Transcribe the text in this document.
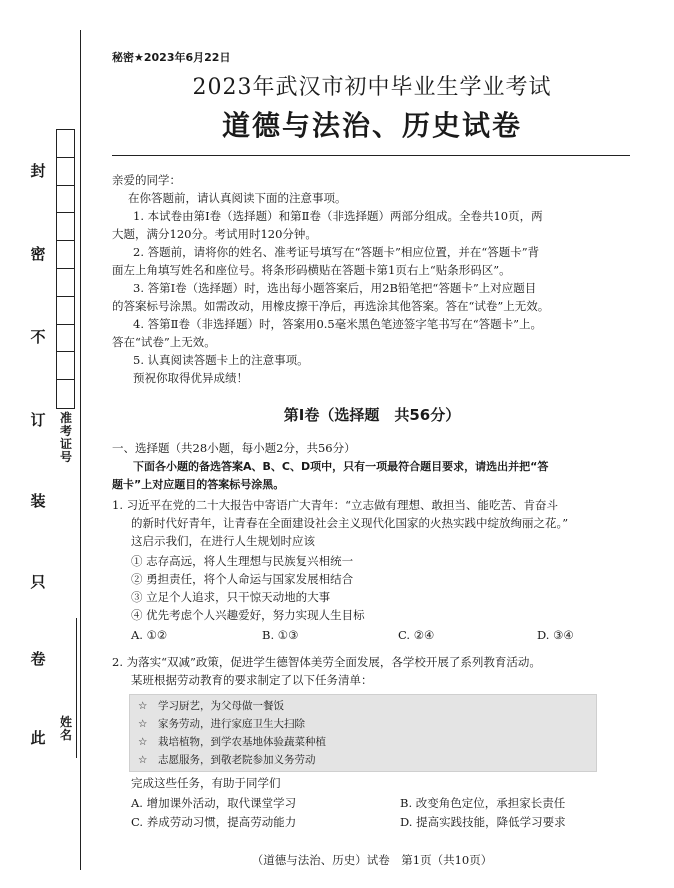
封
密
不
订
装
只
卷
此
准
考
证
号
姓
名
秘密★2023年6月22日
2023年武汉市初中毕业生学业考试
道德与法治、历史试卷
亲爱的同学：
在你答题前，请认真阅读下面的注意事项。
1. 本试卷由第Ⅰ卷（选择题）和第Ⅱ卷（非选择题）两部分组成。全卷共10页，两
大题，满分120分。考试用时120分钟。
2. 答题前，请将你的姓名、准考证号填写在“答题卡”相应位置，并在“答题卡”背
面左上角填写姓名和座位号。将条形码横贴在答题卡第1页右上“贴条形码区”。
3. 答第Ⅰ卷（选择题）时，选出每小题答案后，用2B铅笔把“答题卡”上对应题目
的答案标号涂黑。如需改动，用橡皮擦干净后，再选涂其他答案。答在“试卷”上无效。
4. 答第Ⅱ卷（非选择题）时，答案用0.5毫米黑色笔迹签字笔书写在“答题卡”上。
答在“试卷”上无效。
5. 认真阅读答题卡上的注意事项。
预祝你取得优异成绩！
第Ⅰ卷（选择题　共56分）
一、选择题（共28小题，每小题2分，共56分）
下面各小题的备选答案A、B、C、D项中，只有一项最符合题目要求，请选出并把“答
题卡”上对应题目的答案标号涂黑。
1. 习近平在党的二十大报告中寄语广大青年：“立志做有理想、敢担当、能吃苦、肯奋斗
的新时代好青年，让青春在全面建设社会主义现代化国家的火热实践中绽放绚丽之花。”
这启示我们，在进行人生规划时应该
① 志存高远，将人生理想与民族复兴相统一
② 勇担责任，将个人命运与国家发展相结合
③ 立足个人追求，只干惊天动地的大事
④ 优先考虑个人兴趣爱好，努力实现人生目标
A. ①②	B. ①③	C. ②④	D. ③④
2. 为落实“双减”政策，促进学生德智体美劳全面发展，各学校开展了系列教育活动。
某班根据劳动教育的要求制定了以下任务清单：
☆ 学习厨艺，为父母做一餐饭
☆ 家务劳动，进行家庭卫生大扫除
☆ 栽培植物，到学农基地体验蔬菜种植
☆ 志愿服务，到敬老院参加义务劳动
完成这些任务，有助于同学们
A. 增加课外活动，取代课堂学习	B. 改变角色定位，承担家长责任
C. 养成劳动习惯，提高劳动能力	D. 提高实践技能，降低学习要求
（道德与法治、历史）试卷　第1页（共10页）
